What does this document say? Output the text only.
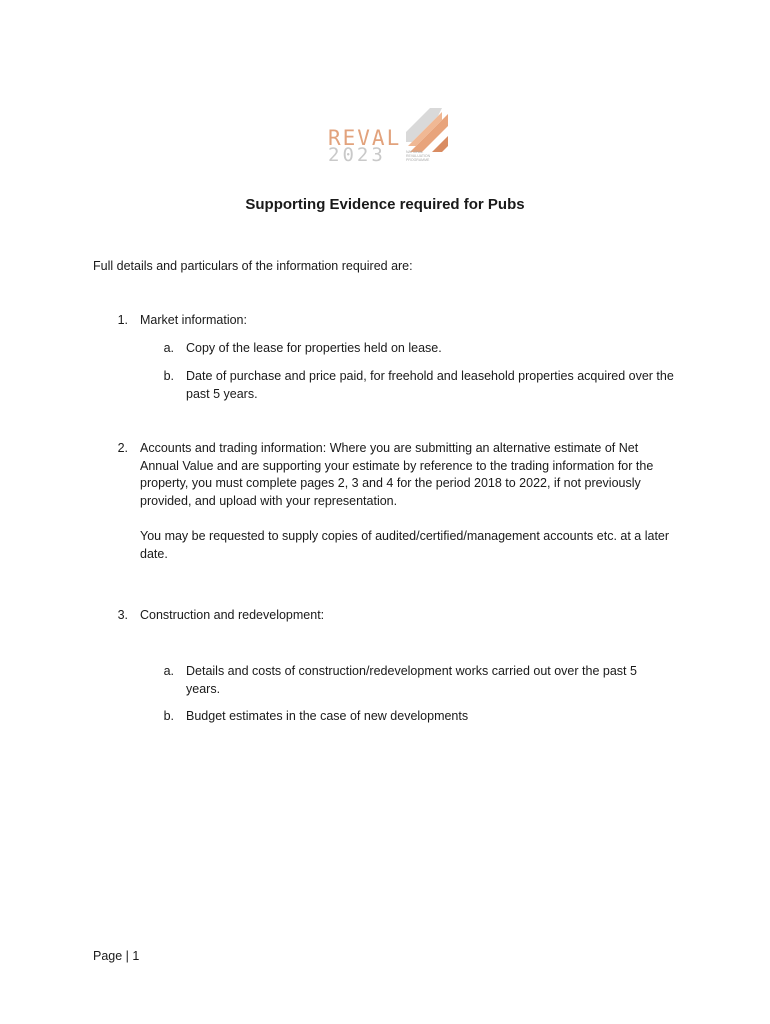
REVAL
2023	NATIONAL REVALUATION PROGRAMME
Supporting Evidence required for Pubs
Full details and particulars of the information required are:
1. Market information:
a. Copy of the lease for properties held on lease.
b. Date of purchase and price paid, for freehold and leasehold properties acquired over the past 5 years.
2. Accounts and trading information: Where you are submitting an alternative estimate of Net Annual Value and are supporting your estimate by reference to the trading information for the property, you must complete pages 2, 3 and 4 for the period 2018 to 2022, if not previously provided, and upload with your representation.
You may be requested to supply copies of audited/certified/management accounts etc. at a later date.
3. Construction and redevelopment:
a. Details and costs of construction/redevelopment works carried out over the past 5 years.
b. Budget estimates in the case of new developments
Page | 1
